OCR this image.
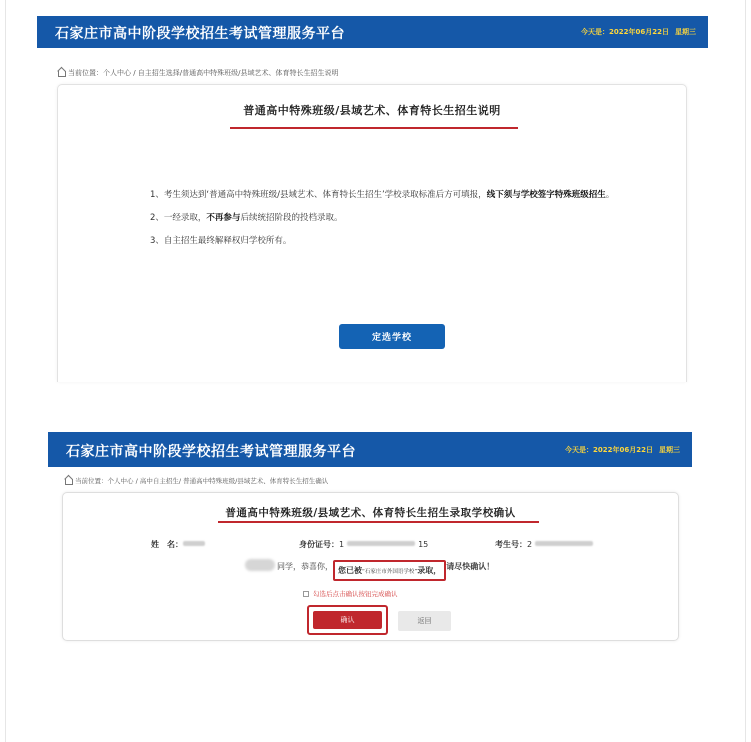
石家庄市高中阶段学校招生考试管理服务平台	今天是：2022年06月22日 星期三
当前位置：个人中心 / 自主招生选择/普通高中特殊班级/县域艺术、体育特长生招生说明
普通高中特殊班级/县域艺术、体育特长生招生说明

1、考生须达到‘普通高中特殊班级/县域艺术、体育特长生招生’学校录取标准后方可填报，线下须与学校签字特殊班级招生。

2、一经录取，不再参与后续统招阶段的投档录取。

3、自主招生最终解释权归学校所有。

定选学校
石家庄市高中阶段学校招生考试管理服务平台	今天是：2022年06月22日 星期三
当前位置：个人中心 / 高中自主招生/ 普通高中特殊班级/县域艺术、体育特长生招生确认
普通高中特殊班级/县域艺术、体育特长生招生录取学校确认
姓　名：	身份证号：1	15	考生号：2
同学，恭喜你， 您已被“石家庄市外国语学校”录取， 请尽快确认！
勾选后点击确认按钮完成确认
确认	返回
